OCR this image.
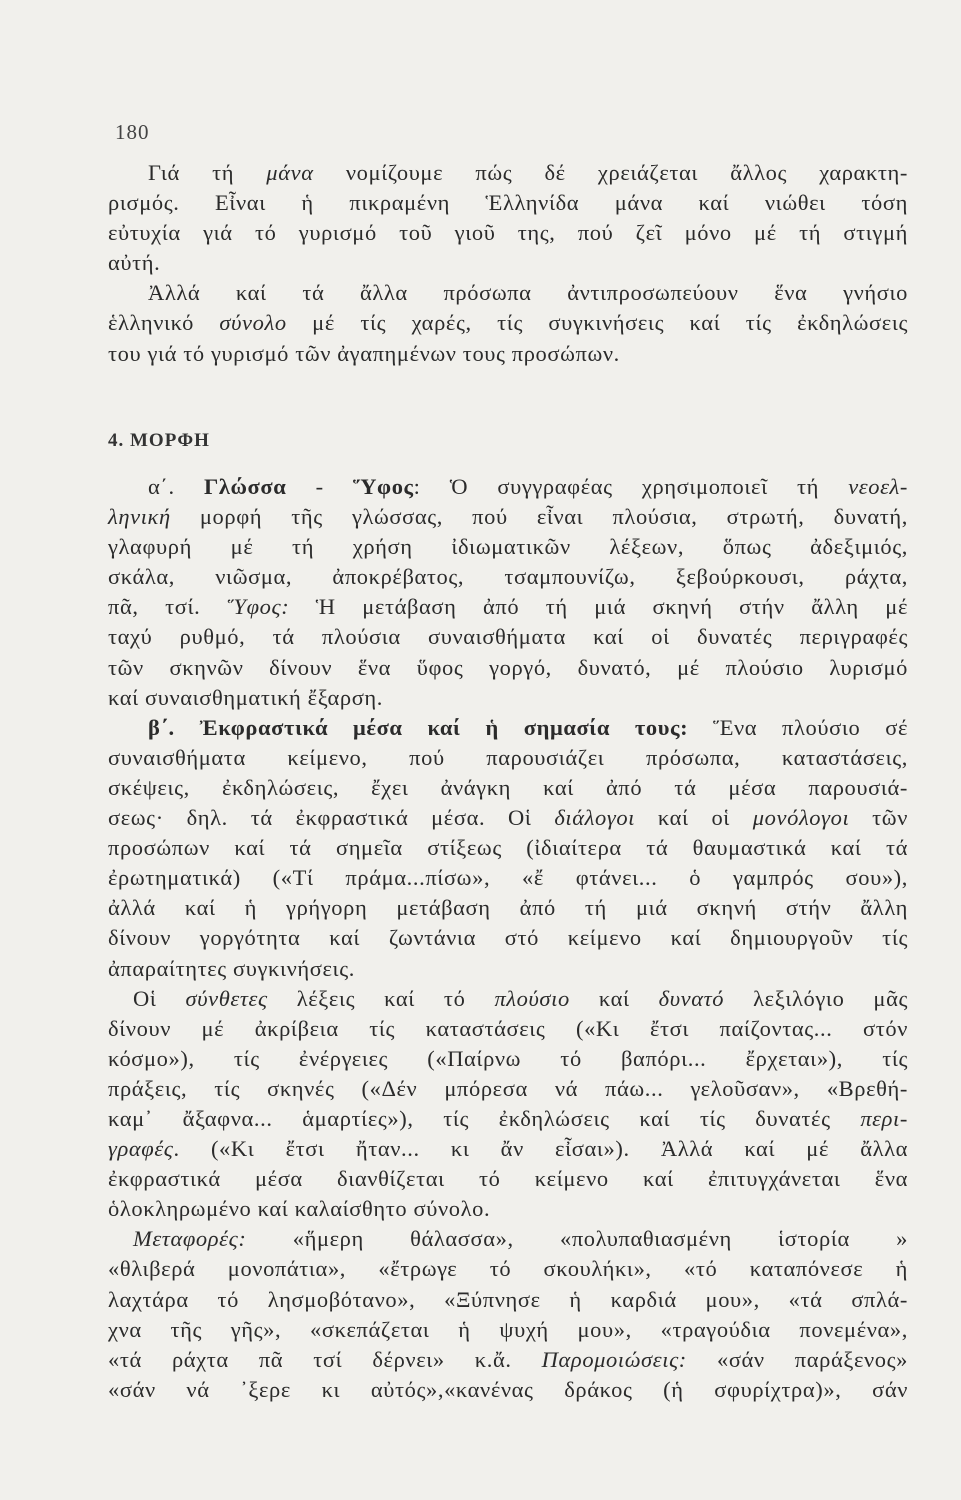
180
Γιά τή μάνα νομίζουμε πώς δέ χρειάζεται ἄλλος χαρακτη-
ρισμός. Εἶναι ἡ πικραμένη Ἑλληνίδα μάνα καί νιώθει τόση
εὐτυχία γιά τό γυρισμό τοῦ γιοῦ της, πού ζεῖ μόνο μέ τή στιγμή
αὐτή.
Ἀλλά καί τά ἄλλα πρόσωπα ἀντιπροσωπεύουν ἕνα γνήσιο
ἑλληνικό σύνολο μέ τίς χαρές, τίς συγκινήσεις καί τίς ἐκδηλώσεις
του γιά τό γυρισμό τῶν ἀγαπημένων τους προσώπων.
4. ΜΟΡΦΗ
α΄. Γλώσσα - Ὕφος: Ὁ συγγραφέας χρησιμοποιεῖ τή νεοελ-
ληνική μορφή τῆς γλώσσας, πού εἶναι πλούσια, στρωτή, δυνατή,
γλαφυρή μέ τή χρήση ἰδιωματικῶν λέξεων, ὅπως ἀδεξιμιός,
σκάλα, νιῶσμα, ἀποκρέβατος, τσαμπουνίζω, ξεβούρκουσι, ράχτα,
πᾶ, τσί. Ὕφος: Ἡ μετάβαση ἀπό τή μιά σκηνή στήν ἄλλη μέ
ταχύ ρυθμό, τά πλούσια συναισθήματα καί οἱ δυνατές περιγραφές
τῶν σκηνῶν δίνουν ἕνα ὕφος γοργό, δυνατό, μέ πλούσιο λυρισμό
καί συναισθηματική ἔξαρση.
β΄. Ἐκφραστικά μέσα καί ἡ σημασία τους: Ἕνα πλούσιο σέ
συναισθήματα κείμενο, πού παρουσιάζει πρόσωπα, καταστάσεις,
σκέψεις, ἐκδηλώσεις, ἔχει ἀνάγκη καί ἀπό τά μέσα παρουσιά-
σεως· δηλ. τά ἐκφραστικά μέσα. Οἱ διάλογοι καί οἱ μονόλογοι τῶν
προσώπων καί τά σημεῖα στίξεως (ἰδιαίτερα τά θαυμαστικά καί τά
ἐρωτηματικά) («Τί πράμα...πίσω», «ἔ φτάνει... ὁ γαμπρός σου»),
ἀλλά καί ἡ γρήγορη μετάβαση ἀπό τή μιά σκηνή στήν ἄλλη
δίνουν γοργότητα καί ζωντάνια στό κείμενο καί δημιουργοῦν τίς
ἀπαραίτητες συγκινήσεις.
Οἱ σύνθετες λέξεις καί τό πλούσιο καί δυνατό λεξιλόγιο μᾶς
δίνουν μέ ἀκρίβεια τίς καταστάσεις («Κι ἔτσι παίζοντας... στόν
κόσμο»), τίς ἐνέργειες («Παίρνω τό βαπόρι... ἔρχεται»), τίς
πράξεις, τίς σκηνές («Δέν μπόρεσα νά πάω... γελοῦσαν», «Βρεθή-
καμ᾽ ἄξαφνα... ἁμαρτίες»), τίς ἐκδηλώσεις καί τίς δυνατές περι-
γραφές. («Κι ἔτσι ἤταν... κι ἄν εἶσαι»). Ἀλλά καί μέ ἄλλα
ἐκφραστικά μέσα διανθίζεται τό κείμενο καί ἐπιτυγχάνεται ἕνα
ὁλοκληρωμένο καί καλαίσθητο σύνολο.
Μεταφορές: «ἥμερη θάλασσα», «πολυπαθιασμένη ἱστορία »
«θλιβερά μονοπάτια», «ἔτρωγε τό σκουλήκι», «τό καταπόνεσε ἡ
λαχτάρα τό λησμοβότανο», «Ξύπνησε ἡ καρδιά μου», «τά σπλά-
χνα τῆς γῆς», «σκεπάζεται ἡ ψυχή μου», «τραγούδια πονεμένα»,
«τά ράχτα πᾶ τσί δέρνει» κ.ἄ. Παρομοιώσεις: «σάν παράξενος»
«σάν νά ᾽ξερε κι αὐτός»,«κανένας δράκος (ἡ σφυρίχτρα)», σάν
